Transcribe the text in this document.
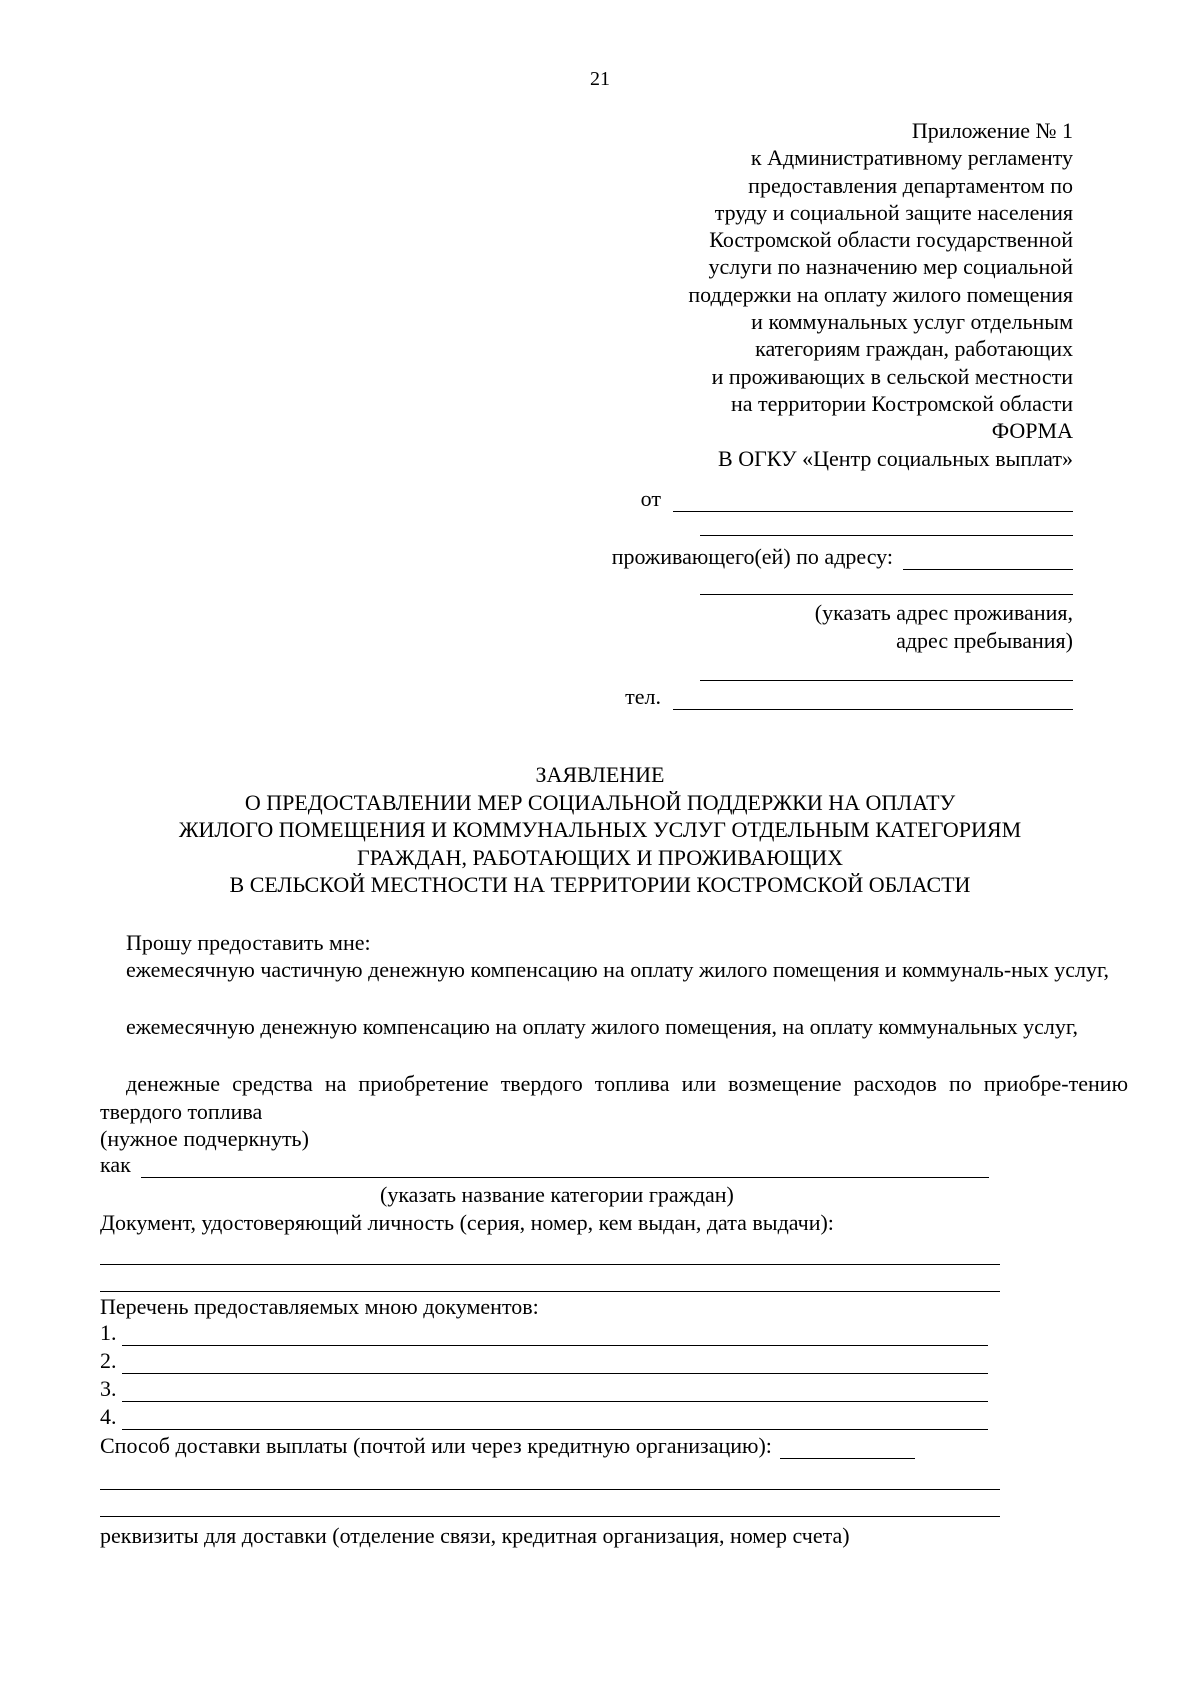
21
Приложение № 1
к Административному регламенту
предоставления департаментом по
труду и социальной защите населения
Костромской области государственной
услуги по назначению мер социальной
поддержки на оплату жилого помещения
и коммунальных услуг отдельным
категориям граждан, работающих
и проживающих в сельской местности
на территории Костромской области
ФОРМА
В ОГКУ «Центр социальных выплат»
от
проживающего(ей) по адресу:
(указать адрес проживания,
адрес пребывания)
тел.
ЗАЯВЛЕНИЕ
О ПРЕДОСТАВЛЕНИИ МЕР СОЦИАЛЬНОЙ ПОДДЕРЖКИ НА ОПЛАТУ
ЖИЛОГО ПОМЕЩЕНИЯ И КОММУНАЛЬНЫХ УСЛУГ ОТДЕЛЬНЫМ КАТЕГОРИЯМ
ГРАЖДАН, РАБОТАЮЩИХ И ПРОЖИВАЮЩИХ
В СЕЛЬСКОЙ МЕСТНОСТИ НА ТЕРРИТОРИИ КОСТРОМСКОЙ ОБЛАСТИ
Прошу предоставить мне:
ежемесячную частичную денежную компенсацию на оплату жилого помещения и коммуналь-ных услуг,
ежемесячную денежную компенсацию на оплату жилого помещения, на оплату коммунальных услуг,
денежные средства на приобретение твердого топлива или возмещение расходов по приобре-тению твердого топлива
(нужное подчеркнуть)
как
(указать название категории граждан)
Документ, удостоверяющий личность (серия, номер, кем выдан, дата выдачи):
Перечень предоставляемых мною документов:
1.
2.
3.
4.
Способ доставки выплаты (почтой или через кредитную организацию):
реквизиты для доставки (отделение связи, кредитная организация, номер счета)
